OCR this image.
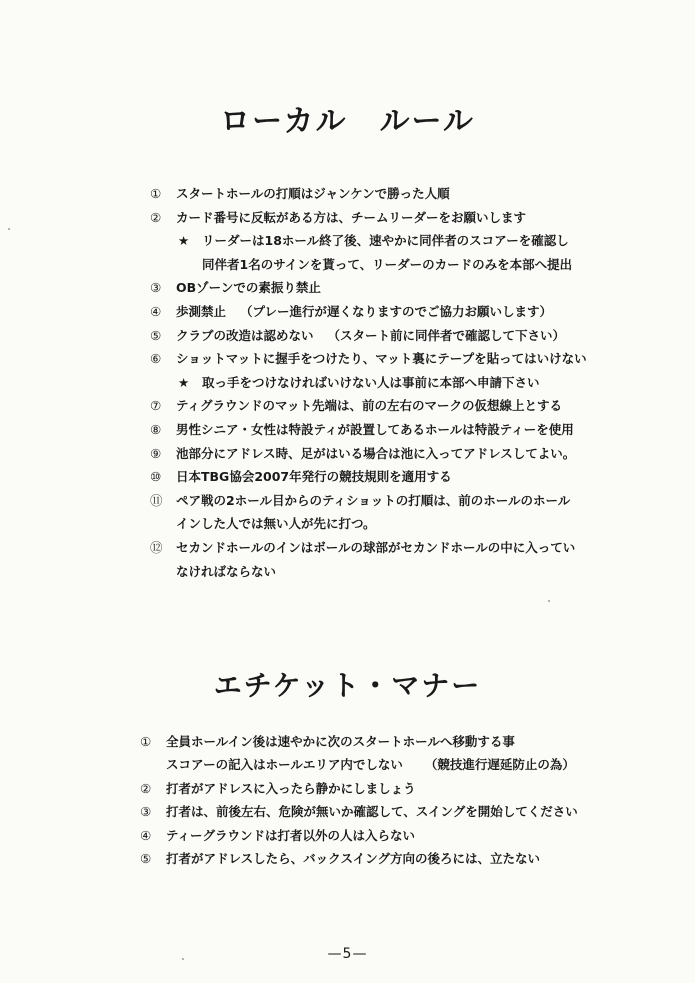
ローカル　ルール
① スタートホールの打順はジャンケンで勝った人順
② カード番号に反転がある方は、チームリーダーをお願いします
★ リーダーは18ホール終了後、速やかに同伴者のスコアーを確認し
同伴者1名のサインを貰って、リーダーのカードのみを本部へ提出
③ OBゾーンでの素振り禁止
④ 歩測禁止 （プレー進行が遅くなりますのでご協力お願いします）
⑤ クラブの改造は認めない （スタート前に同伴者で確認して下さい）
⑥ ショットマットに握手をつけたり、マット裏にテープを貼ってはいけない
★ 取っ手をつけなければいけない人は事前に本部へ申請下さい
⑦ ティグラウンドのマット先端は、前の左右のマークの仮想線上とする
⑧ 男性シニア・女性は特設ティが設置してあるホールは特設ティーを使用
⑨ 池部分にアドレス時、足がはいる場合は池に入ってアドレスしてよい。
⑩ 日本TBG協会2007年発行の競技規則を適用する
⑪ ペア戦の2ホール目からのティショットの打順は、前のホールのホール
インした人では無い人が先に打つ。
⑫ セカンドホールのインはボールの球部がセカンドホールの中に入ってい
なければならない
エチケット・マナー
① 全員ホールイン後は速やかに次のスタートホールへ移動する事
スコアーの記入はホールエリア内でしない （競技進行遅延防止の為）
② 打者がアドレスに入ったら静かにしましょう
③ 打者は、前後左右、危険が無いか確認して、スイングを開始してください
④ ティーグラウンドは打者以外の人は入らない
⑤ 打者がアドレスしたら、バックスイング方向の後ろには、立たない
—5—
